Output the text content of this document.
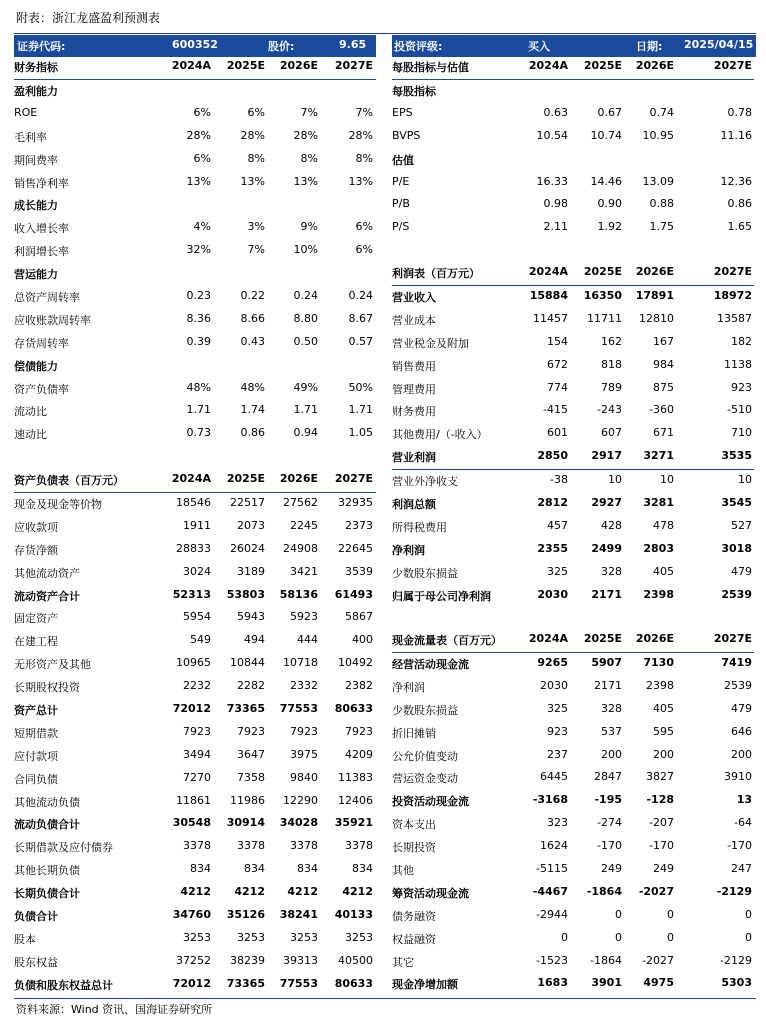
附表：浙江龙盛盈利预测表
证券代码:	600352	股价:	9.65	投资评级:	买入	日期: 2025/04/15
财务指标	2024A 2025E 2026E 2027E
盈利能力
ROE	6%	6%	7%	7%
毛利率	28%	28%	28%	28%
期间费率	6%	8%	8%	8%
销售净利率	13%	13%	13%	13%
成长能力
收入增长率	4%	3%	9%	6%
利润增长率	32%	7%	10%	6%
营运能力
总资产周转率	0.23	0.22	0.24	0.24
应收账款周转率	8.36	8.66	8.80	8.67
存货周转率	0.39	0.43	0.50	0.57
偿债能力
资产负债率	48%	48%	49%	50%
流动比	1.71	1.74	1.71	1.71
速动比	0.73	0.86	0.94	1.05
资产负债表（百万元）	2024A 2025E 2026E 2027E
现金及现金等价物	18546 22517 27562 32935
应收款项	1911 2073 2245 2373
存货净额	28833 26024 24908 22645
其他流动资产	3024 3189 3421 3539
流动资产合计	52313 53803 58136 61493
固定资产	5954 5943 5923 5867
在建工程	549	494	444	400
无形资产及其他	10965 10844 10718 10492
长期股权投资	2232 2282 2332 2382
资产总计	72012 73365 77553 80633
短期借款	7923 7923 7923 7923
应付款项	3494 3647 3975 4209
合同负债	7270 7358 9840 11383
其他流动负债	11861 11986 12290 12406
流动负债合计	30548 30914 34028 35921
长期借款及应付债券	3378 3378 3378 3378
其他长期负债	834	834	834	834
长期负债合计	4212 4212 4212 4212
负债合计	34760 35126 38241 40133
股本	3253 3253 3253 3253
股东权益	37252 38239 39313 40500
负债和股东权益总计	72012 73365 77553 80633
每股指标与估值	2024A 2025E 2026E	2027E
每股指标
EPS	0.63	0.67	0.74	0.78
BVPS	10.54 10.74 10.95	11.16
估值
P/E	16.33 14.46 13.09	12.36
P/B	0.98	0.90	0.88	0.86
P/S	2.11	1.92	1.75	1.65
利润表（百万元）	2024A 2025E 2026E	2027E
营业收入	15884 16350 17891	18972
营业成本	11457 11711 12810	13587
营业税金及附加	154	162	167	182
销售费用	672	818	984	1138
管理费用	774	789	875	923
财务费用	-415	-243 -360	-510
其他费用/（-收入）	601	607	671	710
营业利润	2850 2917 3271	3535
营业外净收支	-38	10	10	10
利润总额	2812 2927 3281	3545
所得税费用	457	428	478	527
净利润	2355 2499 2803	3018
少数股东损益	325	328	405	479
归属于母公司净利润	2030 2171 2398	2539
现金流量表（百万元） 2024A 2025E 2026E	2027E
经营活动现金流	9265 5907 7130	7419
净利润	2030 2171 2398	2539
少数股东损益	325	328	405	479
折旧摊销	923	537	595	646
公允价值变动	237	200	200	200
营运资金变动	6445 2847 3827	3910
投资活动现金流	-3168 -195 -128	13
资本支出	323	-274 -207	-64
长期投资	1624	-170 -170	-170
其他	-5115	249	249	247
筹资活动现金流	-4467 -1864 -2027	-2129
债务融资	-2944	0	0	0
权益融资	0	0	0	0
其它	-1523 -1864 -2027	-2129
现金净增加额	1683 3901 4975	5303
资料来源：Wind 资讯、国海证券研究所
